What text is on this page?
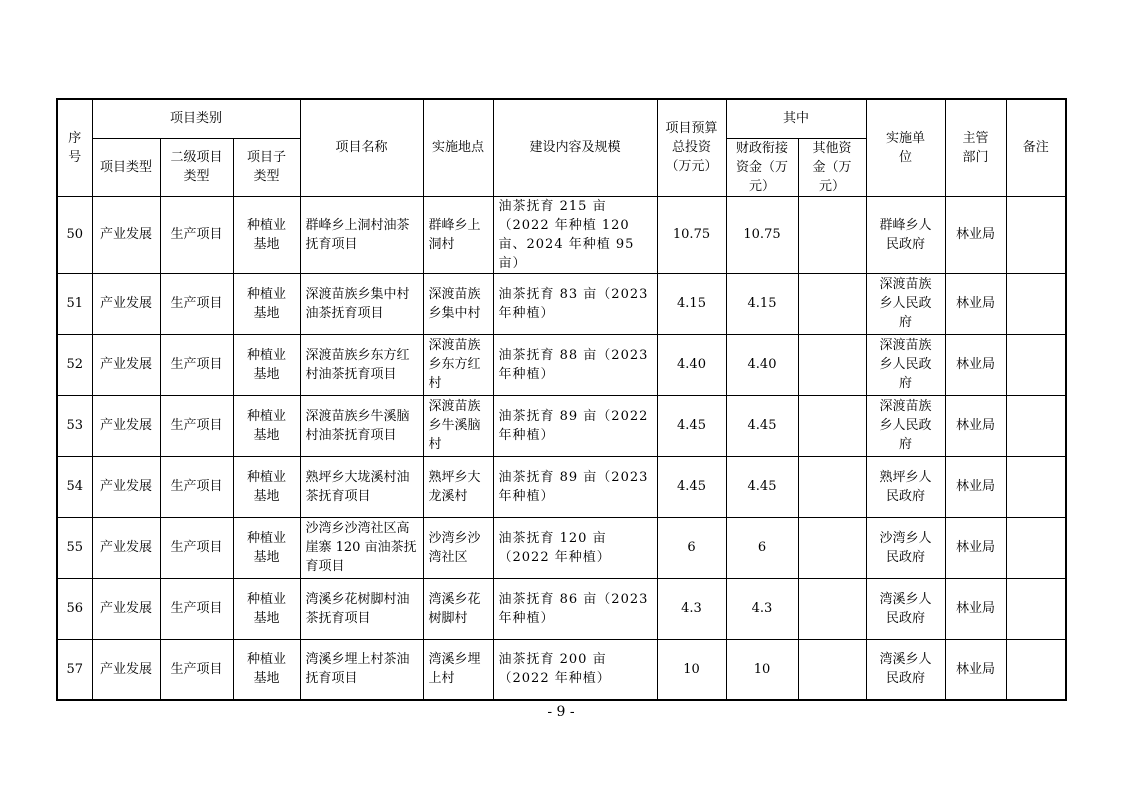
序号	项目类别			项目名称	实施地点	建设内容及规模	项目预算总投资（万元）	其中		实施单位	主管部门	备注
	项目类型	二级项目类型	项目子类型					财政衔接资金（万元）	其他资金（万元）			
50	产业发展	生产项目	种植业基地	群峰乡上洞村油茶抚育项目	群峰乡上洞村	油茶抚育 215 亩（2022 年种植 120 亩、2024 年种植 95 亩）	10.75	10.75		群峰乡人民政府	林业局	
51	产业发展	生产项目	种植业基地	深渡苗族乡集中村油茶抚育项目	深渡苗族乡集中村	油茶抚育 83 亩（2023 年种植）	4.15	4.15		深渡苗族乡人民政府	林业局	
52	产业发展	生产项目	种植业基地	深渡苗族乡东方红村油茶抚育项目	深渡苗族乡东方红村	油茶抚育 88 亩（2023 年种植）	4.40	4.40		深渡苗族乡人民政府	林业局	
53	产业发展	生产项目	种植业基地	深渡苗族乡牛溪脑村油茶抚育项目	深渡苗族乡牛溪脑村	油茶抚育 89 亩（2022 年种植）	4.45	4.45		深渡苗族乡人民政府	林业局	
54	产业发展	生产项目	种植业基地	熟坪乡大垅溪村油茶抚育项目	熟坪乡大龙溪村	油茶抚育 89 亩（2023 年种植）	4.45	4.45		熟坪乡人民政府	林业局	
55	产业发展	生产项目	种植业基地	沙湾乡沙湾社区高崖寨 120 亩油茶抚育项目	沙湾乡沙湾社区	油茶抚育 120 亩（2022 年种植）	6	6		沙湾乡人民政府	林业局	
56	产业发展	生产项目	种植业基地	湾溪乡花树脚村油茶抚育项目	湾溪乡花树脚村	油茶抚育 86 亩（2023 年种植）	4.3	4.3		湾溪乡人民政府	林业局	
57	产业发展	生产项目	种植业基地	湾溪乡埋上村茶油抚育项目	湾溪乡埋上村	油茶抚育 200 亩（2022 年种植）	10	10		湾溪乡人民政府	林业局	
- 9 -
